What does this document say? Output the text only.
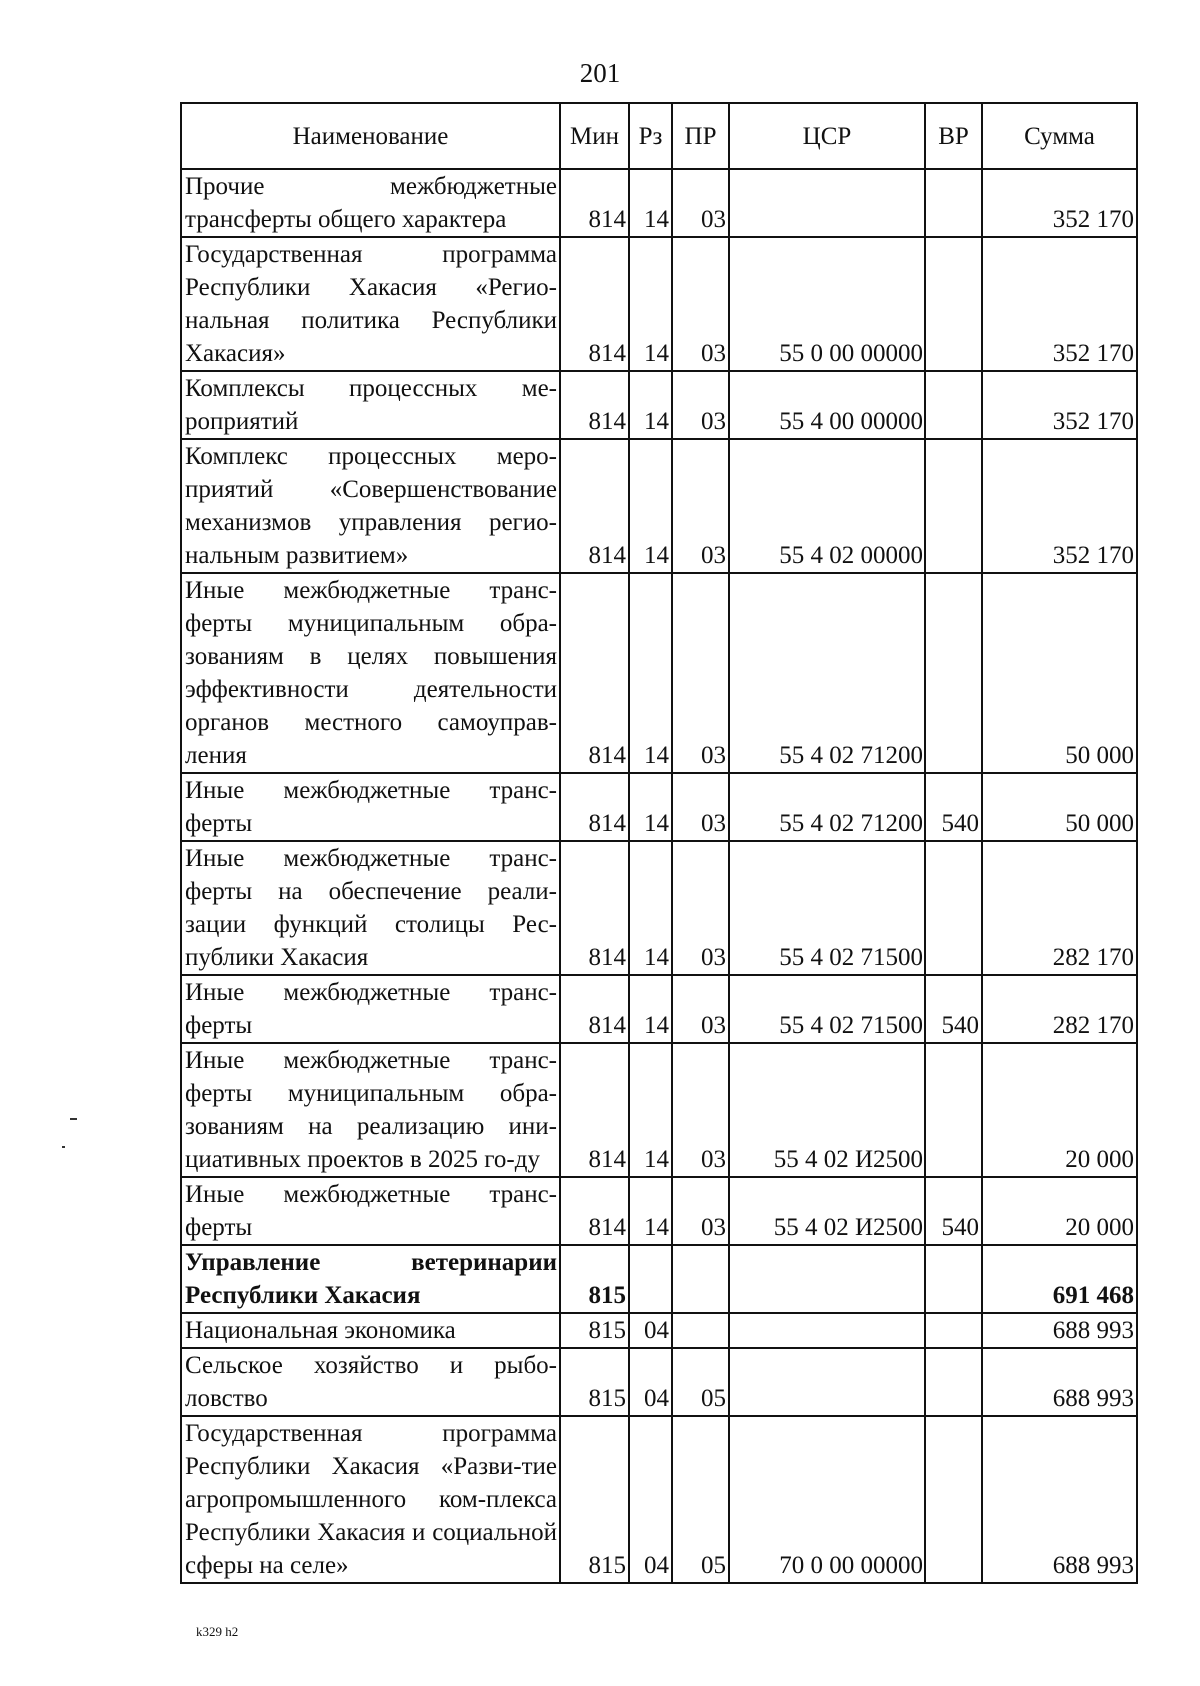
201
Наименование	Мин	Рз	ПР	ЦСР	ВР	Сумма
Прочие межбюджетные трансферты общего характера	814	14	03			352 170
Государственная программа Республики Хакасия «Регио-нальная политика Республики Хакасия»	814	14	03	55 0 00 00000		352 170
Комплексы процессных ме-роприятий	814	14	03	55 4 00 00000		352 170
Комплекс процессных меро-приятий «Совершенствование механизмов управления регио-нальным развитием»	814	14	03	55 4 02 00000		352 170
Иные межбюджетные транс-ферты муниципальным обра-зованиям в целях повышения эффективности деятельности органов местного самоуправ-ления	814	14	03	55 4 02 71200		50 000
Иные межбюджетные транс-ферты	814	14	03	55 4 02 71200	540	50 000
Иные межбюджетные транс-ферты на обеспечение реали-зации функций столицы Рес-публики Хакасия	814	14	03	55 4 02 71500		282 170
Иные межбюджетные транс-ферты	814	14	03	55 4 02 71500	540	282 170
Иные межбюджетные транс-ферты муниципальным обра-зованиям на реализацию ини-циативных проектов в 2025 го-ду	814	14	03	55 4 02 И2500		20 000
Иные межбюджетные транс-ферты	814	14	03	55 4 02 И2500	540	20 000
Управление ветеринарии Республики Хакасия	815					691 468
Национальная экономика	815	04				688 993
Сельское хозяйство и рыбо-ловство	815	04	05			688 993
Государственная программа Республики Хакасия «Разви-тие агропромышленного ком-плекса Республики Хакасия и социальной сферы на селе»	815	04	05	70 0 00 00000		688 993
k329 h2
